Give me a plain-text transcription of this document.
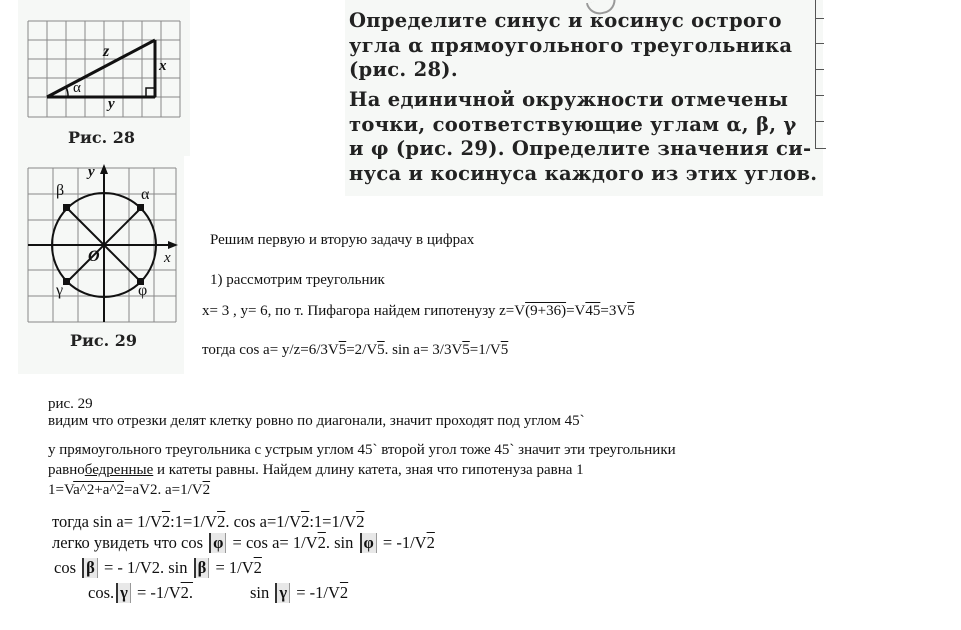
z
x
y
α
Рис. 28
y
x
O
α
β
γ	φ
Рис. 29
Определите синус и косинус острого
угла α прямоугольного треугольника
(рис. 28).
На единичной окружности отмечены
точки, соответствующие углам α, β, γ
и φ (рис. 29). Определите значения си-
нуса и косинуса каждого из этих углов.
Решим первую и вторую задачу в цифрах
1) рассмотрим треугольник
x= 3 , y= 6, по т. Пифагора найдем гипотенузу z=V(9+36)=V45=3V5
тогда cos a= y/z=6/3V5=2/V5. sin a= 3/3V5=1/V5
рис. 29
видим что отрезки делят клетку ровно по диагонали, значит проходят под углом 45`
у прямоугольного треугольника с устрым углом 45` второй угол тоже 45` значит эти треугольники
равнобедренные и катеты равны. Найдем длину катета, зная что гипотенуза равна 1
1=Va^2+a^2=aV2. a=1/V2
тогда sin a= 1/V2:1=1/V2. cos a=1/V2:1=1/V2
легко увидеть что cos φ = cos a= 1/V2. sin φ = -1/V2
cos β = - 1/V2. sin β = 1/V2
cos. γ = -1/V2.	sin γ = -1/V2
